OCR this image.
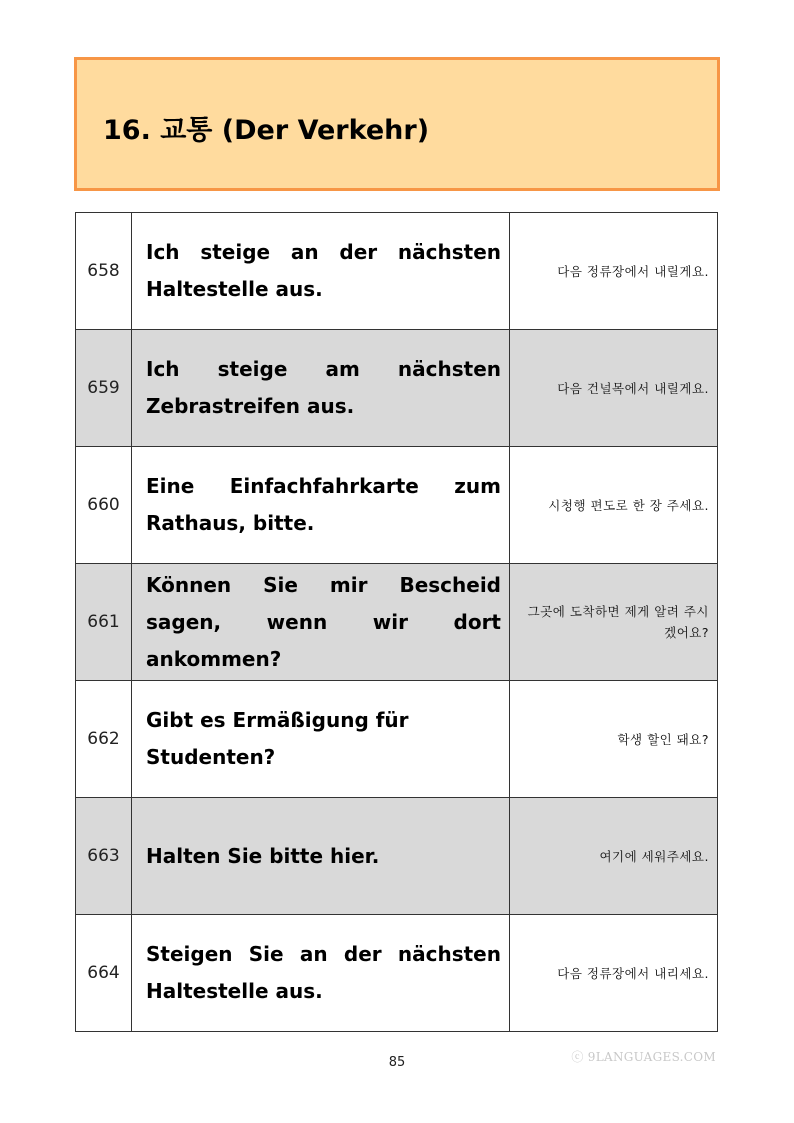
16. 교통 (Der Verkehr)
658	Ich steige an der nächsten Haltestelle aus.	다음 정류장에서 내릴게요.
659	Ich steige am nächsten Zebrastreifen aus.	다음 건널목에서 내릴게요.
660	Eine Einfachfahrkarte zum Rathaus, bitte.	시청행 편도로 한 장 주세요.
661	Können Sie mir Bescheid sagen, wenn wir dort ankommen?	그곳에 도착하면 제게 알려 주시겠어요?
662	Gibt es Ermäßigung für Studenten?	학생 할인 돼요?
663	Halten Sie bitte hier.	여기에 세워주세요.
664	Steigen Sie an der nächsten Haltestelle aus.	다음 정류장에서 내리세요.
85	ⓒ 9LANGUAGES.COM
